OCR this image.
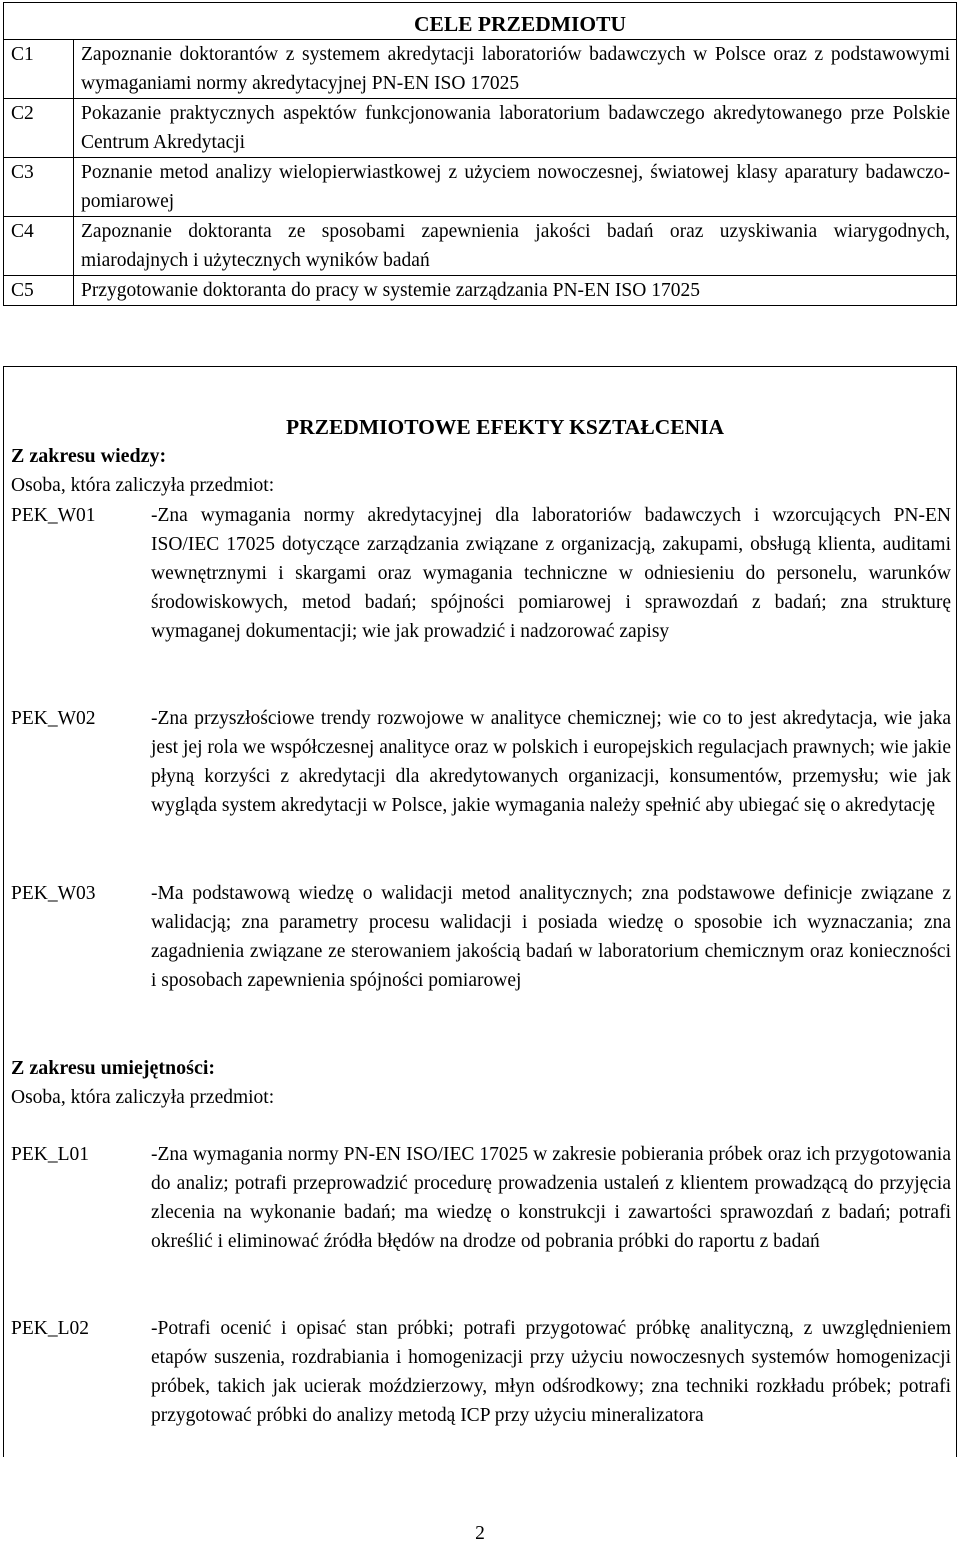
CELE PRZEDMIOTU	
C1	Zapoznanie doktorantów z systemem akredytacji laboratoriów badawczych w Polsce oraz z podstawowymi wymaganiami normy akredytacyjnej PN-EN ISO 17025
C2	Pokazanie praktycznych aspektów funkcjonowania laboratorium badawczego akredytowanego prze Polskie Centrum Akredytacji
C3	Poznanie metod analizy wielopierwiastkowej z użyciem nowoczesnej, światowej klasy aparatury badawczo-pomiarowej
C4	Zapoznanie doktoranta ze sposobami zapewnienia jakości badań oraz uzyskiwania wiarygodnych, miarodajnych i użytecznych wyników badań
C5	Przygotowanie doktoranta do pracy w systemie zarządzania PN-EN ISO 17025
PRZEDMIOTOWE EFEKTY KSZTAŁCENIA
Z zakresu wiedzy:
Osoba, która zaliczyła przedmiot:
PEK_W01	-Zna wymagania normy akredytacyjnej dla laboratoriów badawczych i wzorcujących PN-EN ISO/IEC 17025 dotyczące zarządzania związane z organizacją, zakupami, obsługą klienta, auditami wewnętrznymi i skargami oraz wymagania techniczne w odniesieniu do personelu, warunków środowiskowych, metod badań; spójności pomiarowej i sprawozdań z badań; zna strukturę wymaganej dokumentacji; wie jak prowadzić i nadzorować zapisy
PEK_W02	-Zna przyszłościowe trendy rozwojowe w analityce chemicznej; wie co to jest akredytacja, wie jaka jest jej rola we współczesnej analityce oraz w polskich i europejskich regulacjach prawnych; wie jakie płyną korzyści z akredytacji dla akredytowanych organizacji, konsumentów, przemysłu; wie jak wygląda system akredytacji w Polsce, jakie wymagania należy spełnić aby ubiegać się o akredytację
PEK_W03	-Ma podstawową wiedzę o walidacji metod analitycznych; zna podstawowe definicje związane z walidacją; zna parametry procesu walidacji i posiada wiedzę o sposobie ich wyznaczania; zna zagadnienia związane ze sterowaniem jakością badań w laboratorium chemicznym oraz konieczności i sposobach zapewnienia spójności pomiarowej
Z zakresu umiejętności:
Osoba, która zaliczyła przedmiot:
PEK_L01	-Zna wymagania normy PN-EN ISO/IEC 17025 w zakresie pobierania próbek oraz ich przygotowania do analiz; potrafi przeprowadzić procedurę prowadzenia ustaleń z klientem prowadzącą do przyjęcia zlecenia na wykonanie badań; ma wiedzę o konstrukcji i zawartości sprawozdań z badań; potrafi określić i eliminować źródła błędów na drodze od pobrania próbki do raportu z badań
PEK_L02	-Potrafi ocenić i opisać stan próbki; potrafi przygotować próbkę analityczną, z uwzględnieniem etapów suszenia, rozdrabiania i homogenizacji przy użyciu nowoczesnych systemów homogenizacji próbek, takich jak ucierak moździerzowy, młyn odśrodkowy; zna techniki rozkładu próbek; potrafi przygotować próbki do analizy metodą ICP przy użyciu mineralizatora
2
